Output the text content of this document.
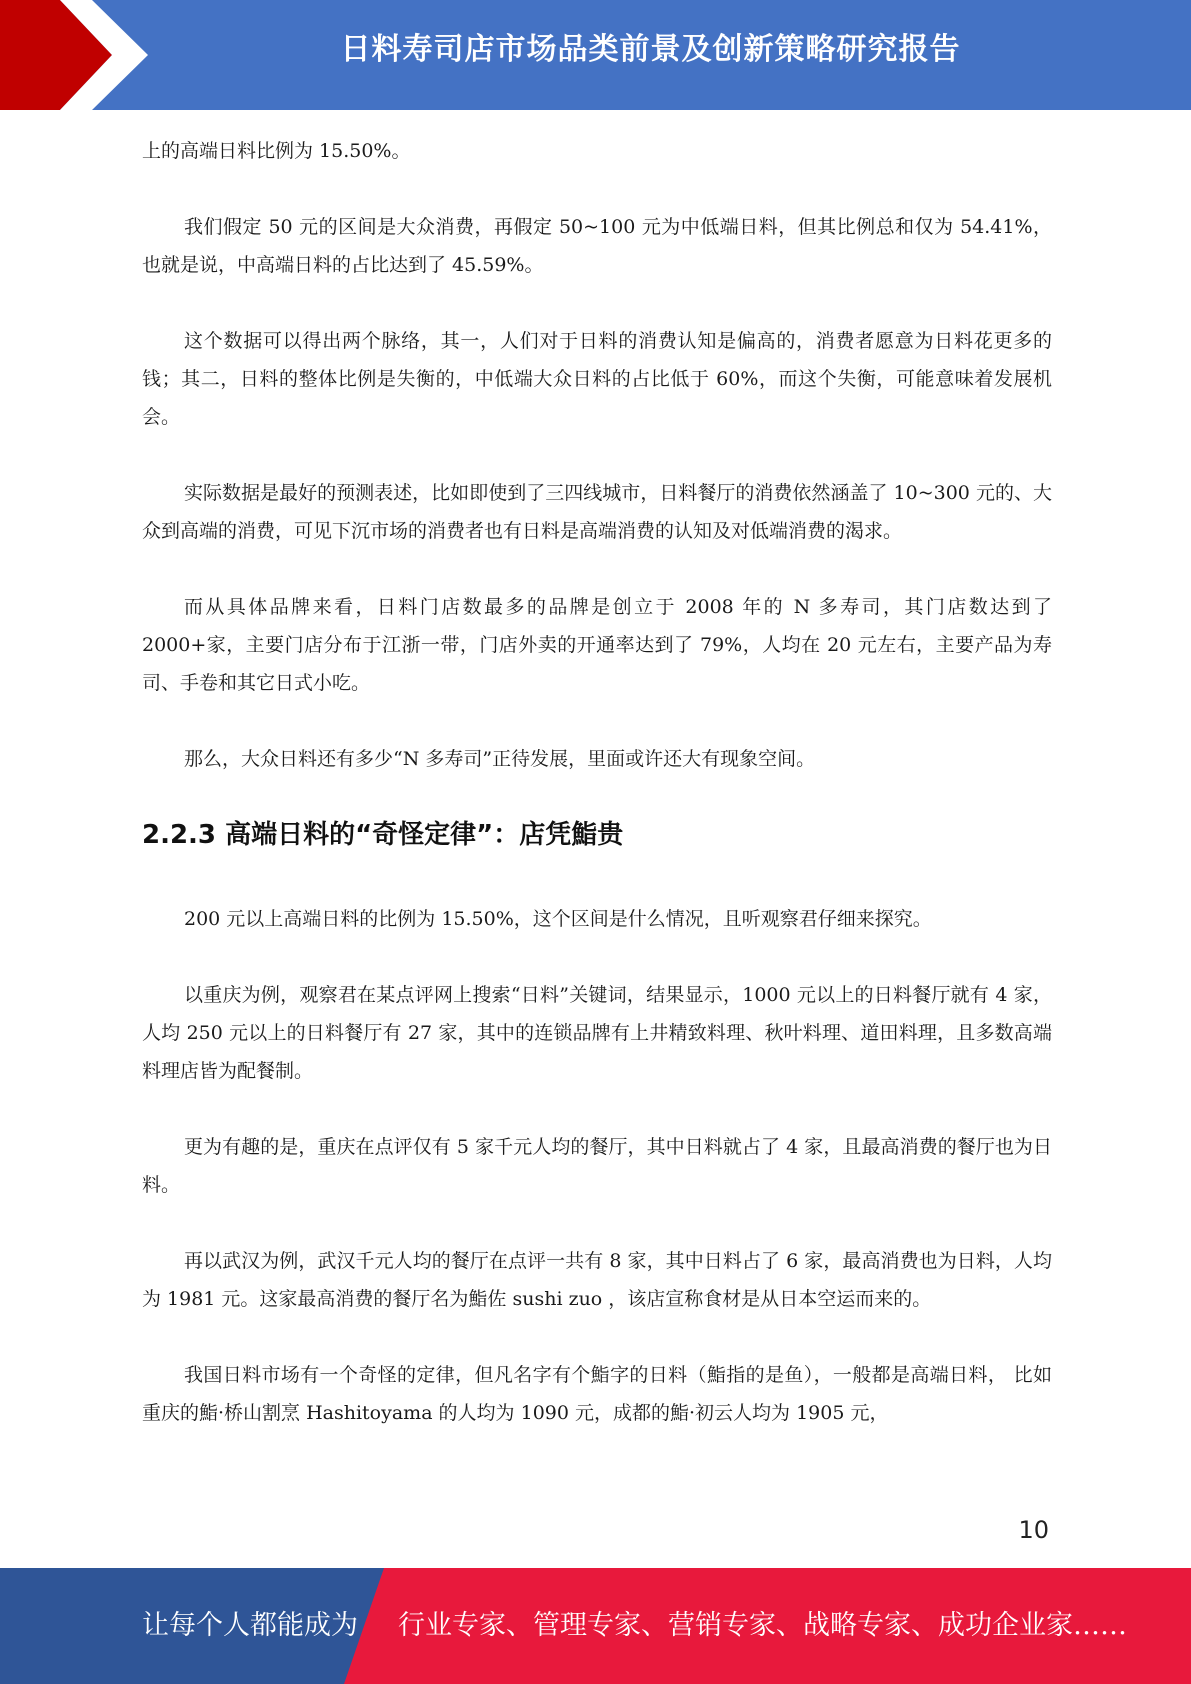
日料寿司店市场品类前景及创新策略研究报告

上的高端日料比例为 15.50%。

我们假定 50 元的区间是大众消费，再假定 50~100 元为中低端日料，但其比例总和仅为 54.41%，也就是说，中高端日料的占比达到了 45.59%。

这个数据可以得出两个脉络，其一，人们对于日料的消费认知是偏高的，消费者愿意为日料花更多的钱；其二，日料的整体比例是失衡的，中低端大众日料的占比低于 60%，而这个失衡，可能意味着发展机会。

实际数据是最好的预测表述，比如即使到了三四线城市，日料餐厅的消费依然涵盖了 10~300 元的、大众到高端的消费，可见下沉市场的消费者也有日料是高端消费的认知及对低端消费的渴求。

而从具体品牌来看，日料门店数最多的品牌是创立于 2008 年的 N 多寿司，其门店数达到了 2000+家，主要门店分布于江浙一带，门店外卖的开通率达到了 79%，人均在 20 元左右，主要产品为寿司、手卷和其它日式小吃。

那么，大众日料还有多少“N 多寿司”正待发展，里面或许还大有现象空间。

2.2.3 高端日料的“奇怪定律”：店凭鮨贵

200 元以上高端日料的比例为 15.50%，这个区间是什么情况，且听观察君仔细来探究。

以重庆为例，观察君在某点评网上搜索“日料”关键词，结果显示，1000 元以上的日料餐厅就有 4 家，人均 250 元以上的日料餐厅有 27 家，其中的连锁品牌有上井精致料理、秋叶料理、道田料理，且多数高端料理店皆为配餐制。

更为有趣的是，重庆在点评仅有 5 家千元人均的餐厅，其中日料就占了 4 家，且最高消费的餐厅也为日料。

再以武汉为例，武汉千元人均的餐厅在点评一共有 8 家，其中日料占了 6 家，最高消费也为日料，人均为 1981 元。这家最高消费的餐厅名为鮨佐 sushi zuo ，该店宣称食材是从日本空运而来的。

我国日料市场有一个奇怪的定律，但凡名字有个鮨字的日料（鮨指的是鱼），一般都是高端日料， 比如重庆的鮨·桥山割烹 Hashitoyama 的人均为 1090 元，成都的鮨·初云人均为 1905 元，

10
让每个人都能成为 行业专家、管理专家、营销专家、战略专家、成功企业家……
